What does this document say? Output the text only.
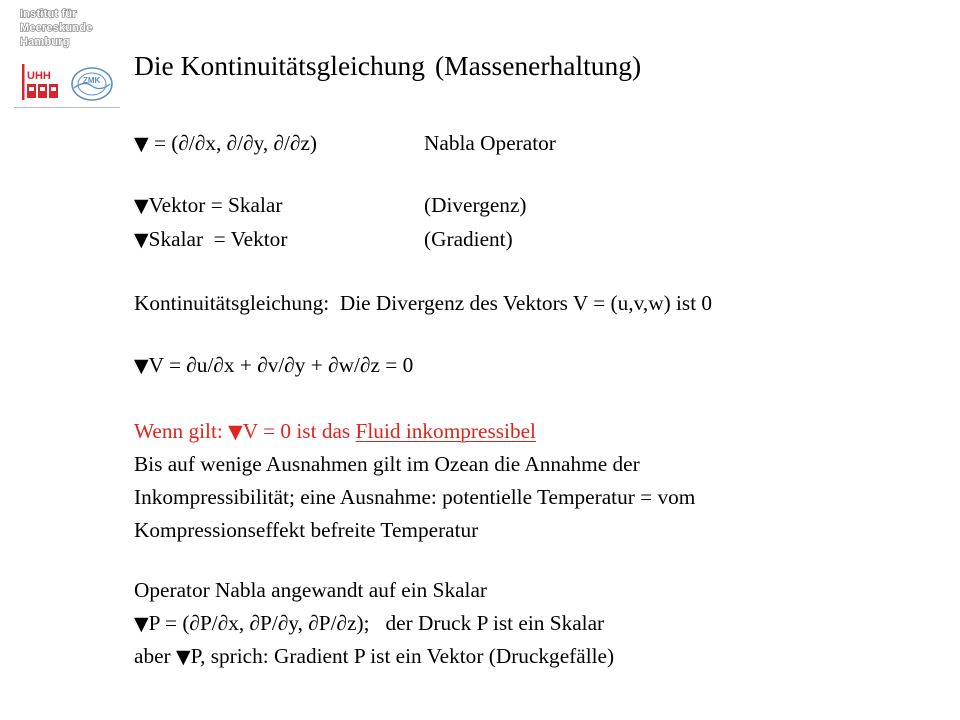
Institut für
Meereskunde
Hamburg
UHH	ZMK Die Kontinuitätsgleichung (Massenerhaltung)
▼ = (∂/∂x, ∂/∂y, ∂/∂z)	Nabla Operator
▼Vektor = Skalar	(Divergenz)
▼Skalar  = Vektor	(Gradient)
Kontinuitätsgleichung:  Die Divergenz des Vektors V = (u,v,w) ist 0
▼V = ∂u/∂x + ∂v/∂y + ∂w/∂z = 0
Wenn gilt: ▼V = 0 ist das Fluid inkompressibel
Bis auf wenige Ausnahmen gilt im Ozean die Annahme der
Inkompressibilität; eine Ausnahme: potentielle Temperatur = vom
Kompressionseffekt befreite Temperatur
Operator Nabla angewandt auf ein Skalar
▼P = (∂P/∂x, ∂P/∂y, ∂P/∂z);   der Druck P ist ein Skalar
aber ▼P, sprich: Gradient P ist ein Vektor (Druckgefälle)
